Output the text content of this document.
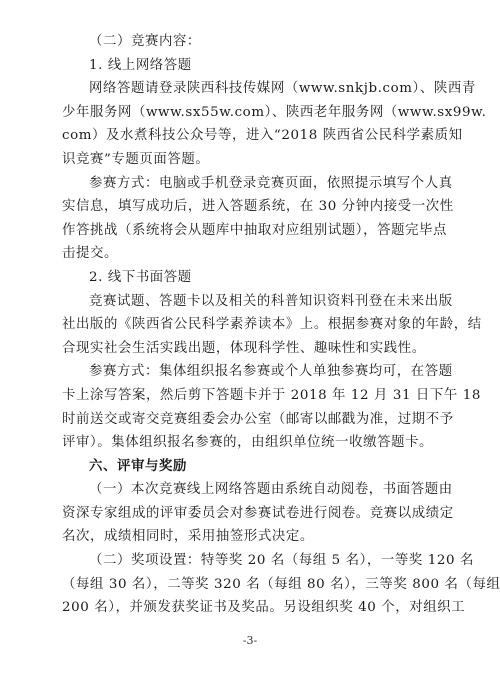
（二）竞赛内容：
1. 线上网络答题
网络答题请登录陕西科技传媒网（www.snkjb.com）、陕西青
少年服务网（www.sx55w.com）、陕西老年服务网（www.sx99w.
com）及水煮科技公众号等，进入“2018 陕西省公民科学素质知
识竞赛”专题页面答题。
参赛方式：电脑或手机登录竞赛页面，依照提示填写个人真
实信息，填写成功后，进入答题系统，在 30 分钟内接受一次性
作答挑战（系统将会从题库中抽取对应组别试题），答题完毕点
击提交。
2. 线下书面答题
竞赛试题、答题卡以及相关的科普知识资料刊登在未来出版
社出版的《陕西省公民科学素养读本》上。根据参赛对象的年龄，结
合现实社会生活实践出题，体现科学性、趣味性和实践性。
参赛方式：集体组织报名参赛或个人单独参赛均可，在答题
卡上涂写答案，然后剪下答题卡并于 2018 年 12 月 31 日下午 18
时前送交或寄交竞赛组委会办公室（邮寄以邮戳为准，过期不予
评审）。集体组织报名参赛的，由组织单位统一收缴答题卡。
六、评审与奖励
（一）本次竞赛线上网络答题由系统自动阅卷，书面答题由
资深专家组成的评审委员会对参赛试卷进行阅卷。竞赛以成绩定
名次，成绩相同时，采用抽签形式决定。
（二）奖项设置：特等奖 20 名（每组 5 名），一等奖 120 名
（每组 30 名），二等奖 320 名（每组 80 名），三等奖 800 名（每组
200 名），并颁发获奖证书及奖品。另设组织奖 40 个，对组织工
-3-
